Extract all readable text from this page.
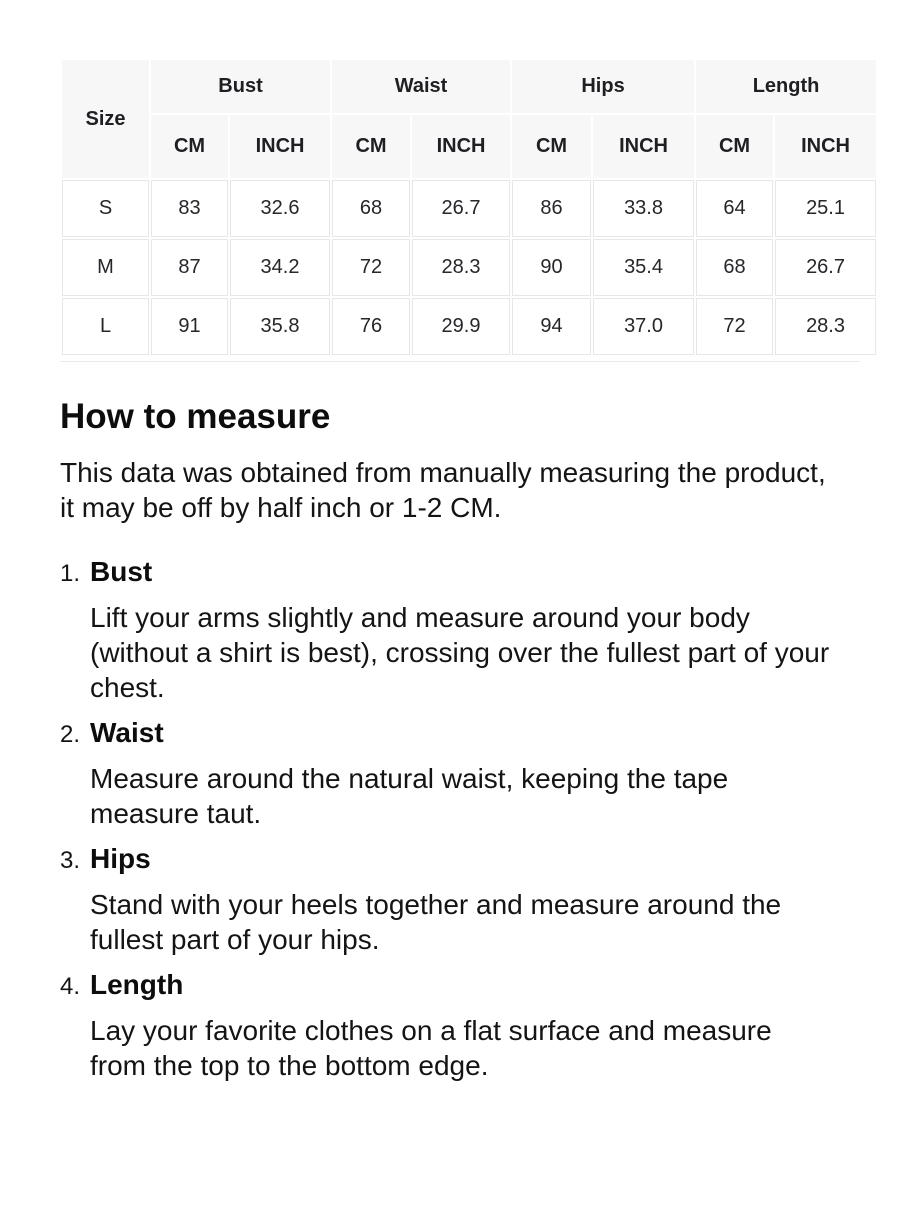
Size	Bust		Waist		Hips		Length	
	CM	INCH	CM	INCH	CM	INCH	CM	INCH
S	83	32.6	68	26.7	86	33.8	64	25.1
M	87	34.2	72	28.3	90	35.4	68	26.7
L	91	35.8	76	29.9	94	37.0	72	28.3
How to measure

This data was obtained from manually measuring the product, it may be off by half inch or 1-2 CM.

1. Bust

Lift your arms slightly and measure around your body (without a shirt is best), crossing over the fullest part of your chest.

2. Waist

Measure around the natural waist, keeping the tape measure taut.

3. Hips

Stand with your heels together and measure around the fullest part of your hips.

4. Length

Lay your favorite clothes on a flat surface and measure from the top to the bottom edge.
